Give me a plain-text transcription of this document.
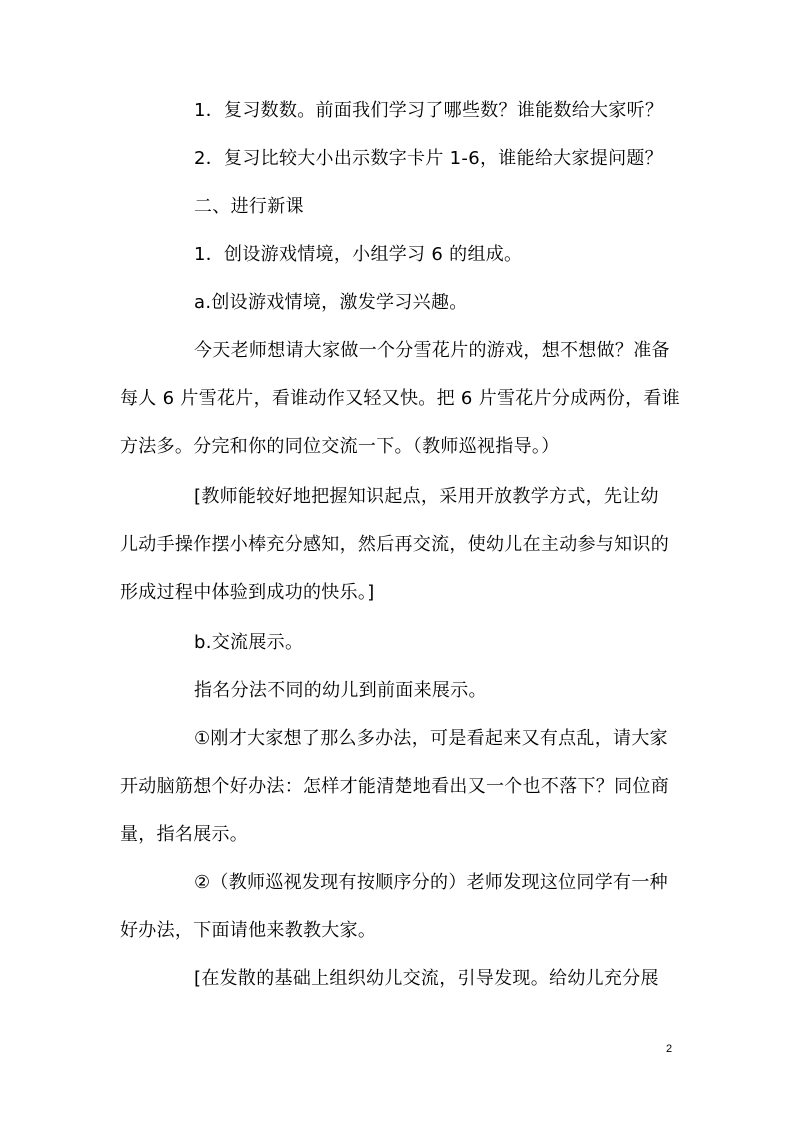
1．复习数数。前面我们学习了哪些数？谁能数给大家听？
2．复习比较大小出示数字卡片 1-6，谁能给大家提问题？
二、进行新课
1．创设游戏情境，小组学习 6 的组成。
a.创设游戏情境，激发学习兴趣。
今天老师想请大家做一个分雪花片的游戏，想不想做？准备
每人 6 片雪花片，看谁动作又轻又快。把 6 片雪花片分成两份，看谁
方法多。分完和你的同位交流一下。（教师巡视指导。）
[教师能较好地把握知识起点，采用开放教学方式，先让幼
儿动手操作摆小棒充分感知，然后再交流，使幼儿在主动参与知识的
形成过程中体验到成功的快乐。]
b.交流展示。
指名分法不同的幼儿到前面来展示。
①刚才大家想了那么多办法，可是看起来又有点乱，请大家
开动脑筋想个好办法：怎样才能清楚地看出又一个也不落下？同位商
量，指名展示。
②（教师巡视发现有按顺序分的）老师发现这位同学有一种
好办法，下面请他来教教大家。
[在发散的基础上组织幼儿交流，引导发现。给幼儿充分展
2
